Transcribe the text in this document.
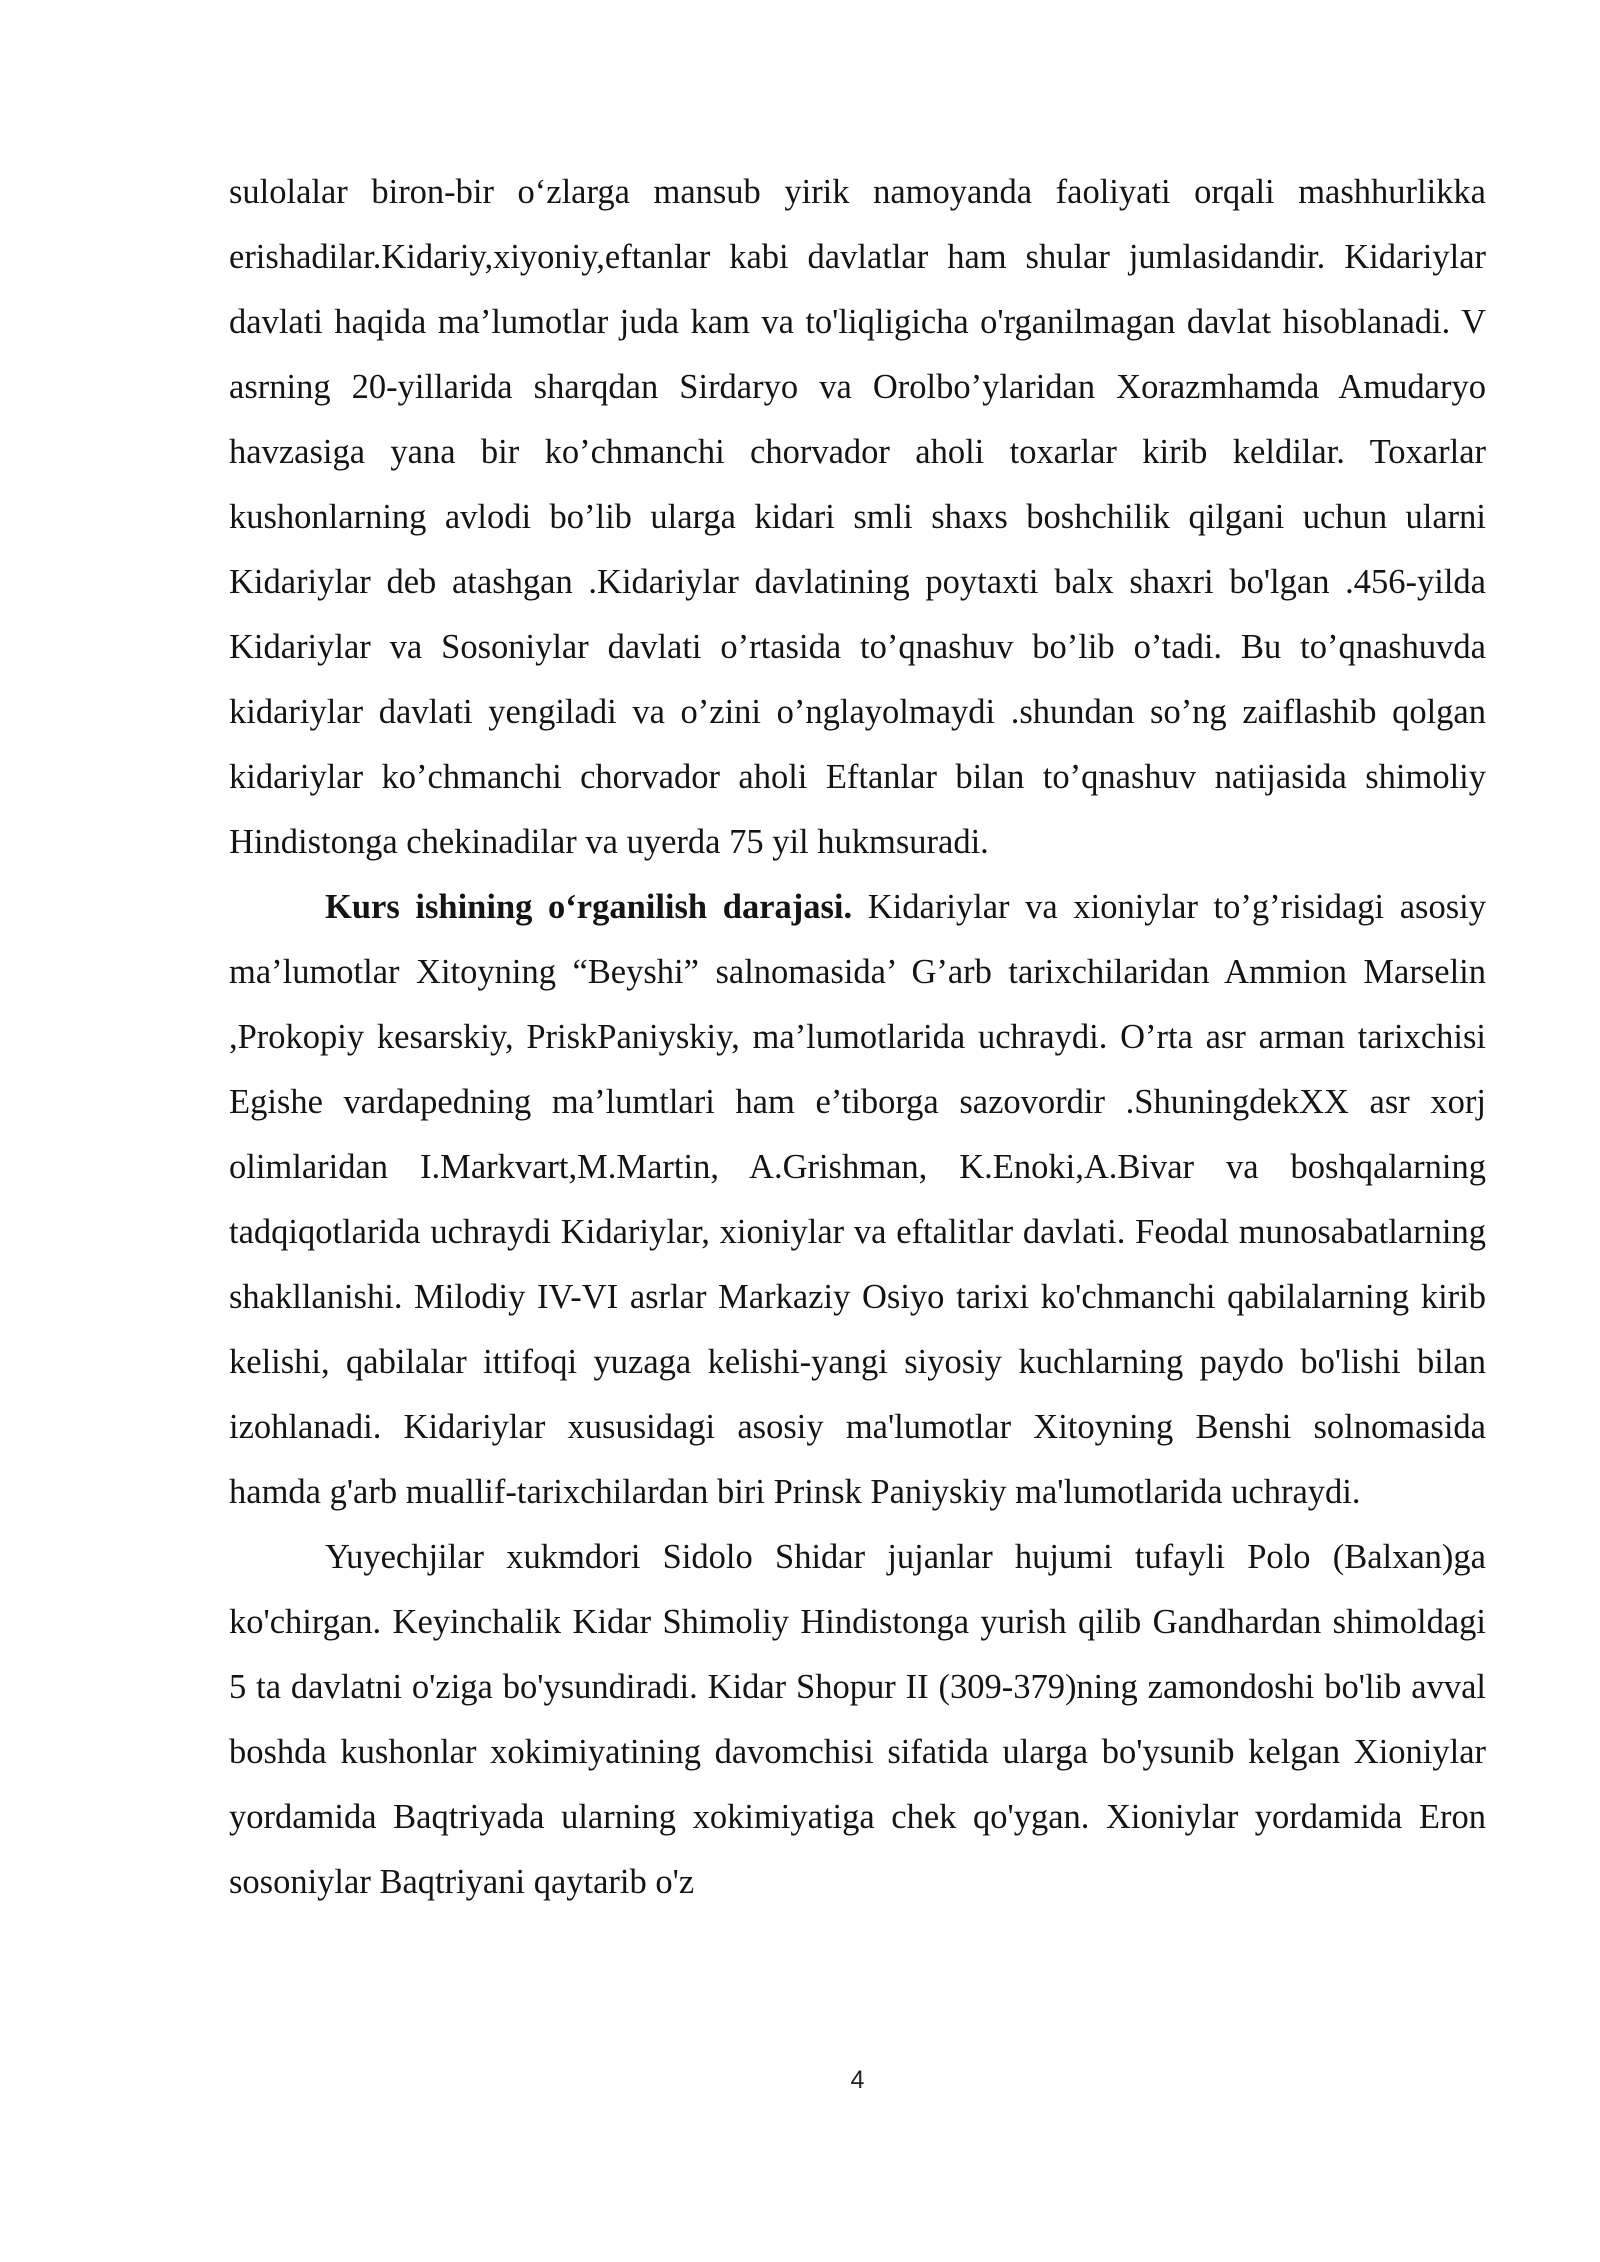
sulolalar biron-bir o‘zlarga mansub yirik namoyanda faoliyati orqali mashhurlikka erishadilar.Kidariy,xiyoniy,eftanlar kabi davlatlar ham shular jumlasidandir. Kidariylar davlati haqida ma’lumotlar juda kam va to'liqligicha o'rganilmagan davlat hisoblanadi. V asrning 20-yillarida sharqdan Sirdaryo va Orolbo’ylaridan Xorazmhamda Amudaryo havzasiga yana bir ko’chmanchi chorvador aholi toxarlar kirib keldilar. Toxarlar kushonlarning avlodi bo’lib ularga kidari smli shaxs boshchilik qilgani uchun ularni Kidariylar deb atashgan .Kidariylar davlatining poytaxti balx shaxri bo'lgan .456-yilda Kidariylar va Sosoniylar davlati o’rtasida to’qnashuv bo’lib o’tadi. Bu to’qnashuvda kidariylar davlati yengiladi va o’zini o’nglayolmaydi .shundan so’ng zaiflashib qolgan kidariylar ko’chmanchi chorvador aholi Eftanlar bilan to’qnashuv natijasida shimoliy Hindistonga chekinadilar va uyerda 75 yil hukmsuradi.

Kurs ishining o‘rganilish darajasi. Kidariylar va xioniylar to’g’risidagi asosiy ma’lumotlar Xitoyning “Beyshi” salnomasida’ G’arb tarixchilaridan Ammion Marselin ,Prokopiy kesarskiy, PriskPaniyskiy, ma’lumotlarida uchraydi. O’rta asr arman tarixchisi Egishe vardapedning ma’lumtlari ham e’tiborga sazovordir .ShuningdekXX asr xorj olimlaridan I.Markvart,M.Martin, A.Grishman, K.Enoki,A.Bivar va boshqalarning tadqiqotlarida uchraydi Kidariylar, xioniylar va eftalitlar davlati. Feodal munosabatlarning shakllanishi. Milodiy IV-VI asrlar Markaziy Osiyo tarixi ko'chmanchi qabilalarning kirib kelishi, qabilalar ittifoqi yuzaga kelishi-yangi siyosiy kuchlarning paydo bo'lishi bilan izohlanadi. Kidariylar xususidagi asosiy ma'lumotlar Xitoyning Benshi solnomasida hamda g'arb muallif-tarixchilardan biri Prinsk Paniyskiy ma'lumotlarida uchraydi.

Yuyechjilar xukmdori Sidolo Shidar jujanlar hujumi tufayli Polo (Balxan)ga ko'chirgan. Keyinchalik Kidar Shimoliy Hindistonga yurish qilib Gandhardan shimoldagi 5 ta davlatni o'ziga bo'ysundiradi. Kidar Shopur II (309-379)ning zamondoshi bo'lib avval boshda kushonlar xokimiyatining davomchisi sifatida ularga bo'ysunib kelgan Xioniylar yordamida Baqtriyada ularning xokimiyatiga chek qo'ygan. Xioniylar yordamida Eron sosoniylar Baqtriyani qaytarib o'z

4
